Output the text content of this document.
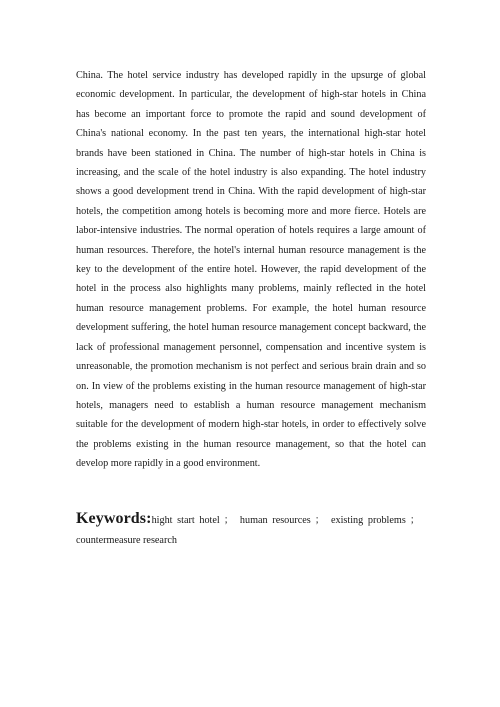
China. The hotel service industry has developed rapidly in the upsurge of global economic development. In particular, the development of high-star hotels in China has become an important force to promote the rapid and sound development of China's national economy. In the past ten years, the international high-star hotel brands have been stationed in China. The number of high-star hotels in China is increasing, and the scale of the hotel industry is also expanding. The hotel industry shows a good development trend in China. With the rapid development of high-star hotels, the competition among hotels is becoming more and more fierce. Hotels are labor-intensive industries. The normal operation of hotels requires a large amount of human resources. Therefore, the hotel's internal human resource management is the key to the development of the entire hotel. However, the rapid development of the hotel in the process also highlights many problems, mainly reflected in the hotel human resource management problems. For example, the hotel human resource development suffering, the hotel human resource management concept backward, the lack of professional management personnel, compensation and incentive system is unreasonable, the promotion mechanism is not perfect and serious brain drain and so on. In view of the problems existing in the human resource management of high-star hotels, managers need to establish a human resource management mechanism suitable for the development of modern high-star hotels, in order to effectively solve the problems existing in the human resource management, so that the hotel can develop more rapidly in a good environment.

Keywords:hight start hotel ； human resources ； existing problems ；countermeasure research
